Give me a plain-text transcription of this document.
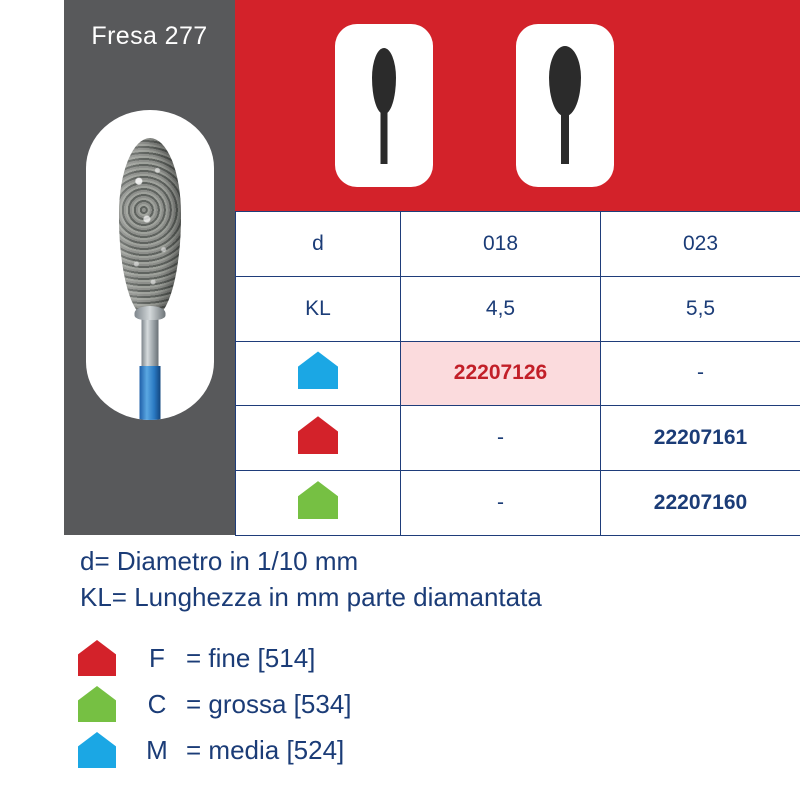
Fresa 277
d	018	023
KL	4,5	5,5
	22207126	-
	-	22207161
	-	22207160
d= Diametro in 1/10 mm
KL= Lunghezza in mm parte diamantata
F = fine [514]
C = grossa [534]
M = media [524]
